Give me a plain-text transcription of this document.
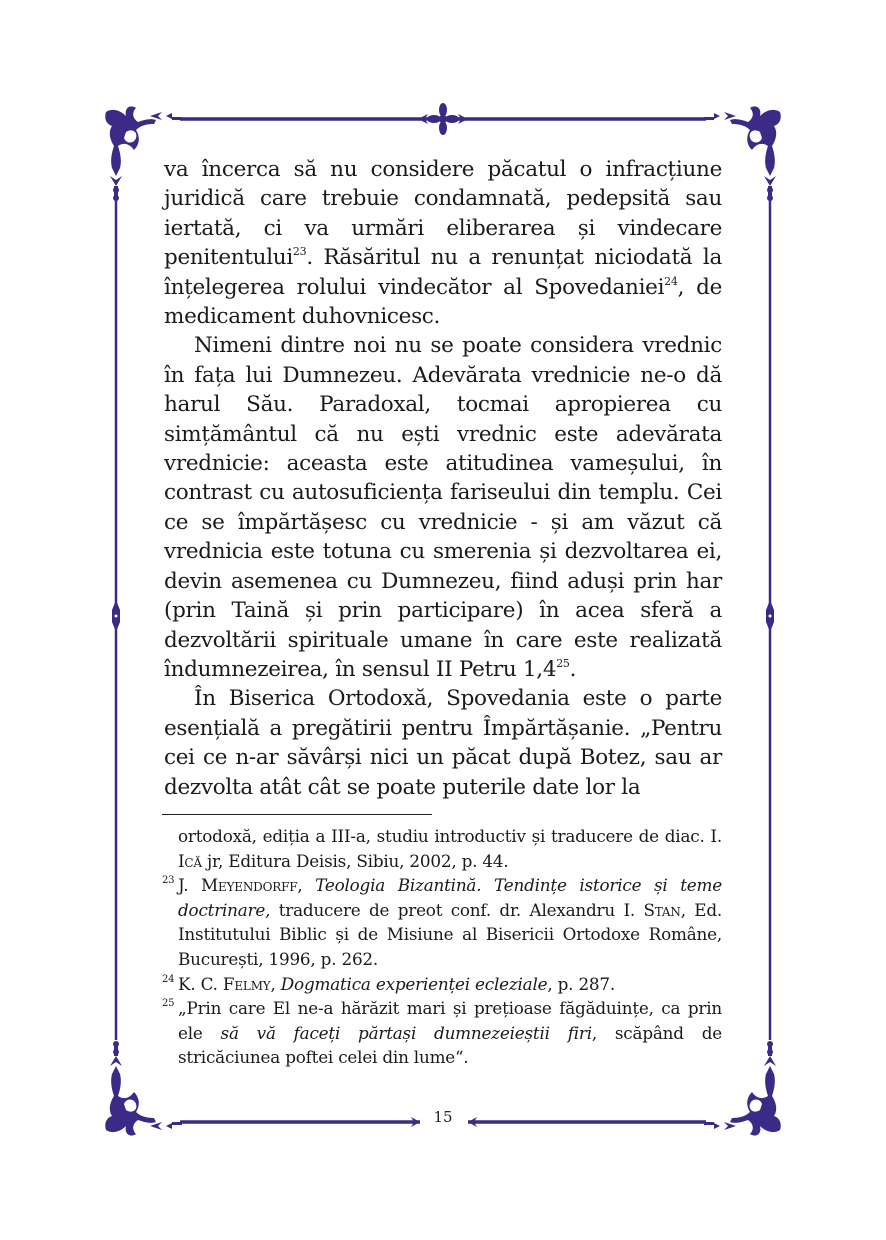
va încerca să nu considere păcatul o infracțiune juridică care trebuie condamnată, pedepsită sau iertată, ci va urmări eliberarea și vindecare penitentului$^{23}$. Răsăritul nu a renunțat niciodată la înțelegerea rolului vindecător al Spovedaniei$^{24}$, de medicament duhovnicesc.

Nimeni dintre noi nu se poate considera vrednic în fața lui Dumnezeu. Adevărata vrednicie ne-o dă harul Său. Paradoxal, tocmai apropierea cu simțământul că nu ești vrednic este adevărata vrednicie: aceasta este atitudinea vameșului, în contrast cu autosuficiența fariseului din templu. Cei ce se împărtășesc cu vrednicie - și am văzut că vrednicia este totuna cu smerenia și dezvoltarea ei, devin asemenea cu Dumnezeu, fiind aduși prin har (prin Taină și prin participare) în acea sferă a dezvoltării spirituale umane în care este realizată îndumnezeirea, în sensul II Petru $1,4^{25}$.

În Biserica Ortodoxă, Spovedania este o parte esențială a pregătirii pentru Împărtășanie. „Pentru cei ce n-ar săvârși nici un păcat după Botez, sau ar dezvolta atât cât se poate puterile date lor la

ortodoxă, ediția a III-a, studiu introductiv și traducere de diac. I. Ică jr, Editura Deisis, Sibiu, 2002, p. 44.
23 J. Meyendorff, Teologia Bizantină. Tendințe istorice și teme doctrinare, traducere de preot conf. dr. Alexandru I. Stan, Ed. Institutului Biblic și de Misiune al Bisericii Ortodoxe Române, București, 1996, p. 262.
24 K. C. Felmy, Dogmatica experienței ecleziale, p. 287.
25 „Prin care El ne-a hărăzit mari și prețioase făgăduințe, ca prin ele să vă faceți părtași dumnezeieștii firi, scăpând de stricăciunea poftei celei din lume“.
15
